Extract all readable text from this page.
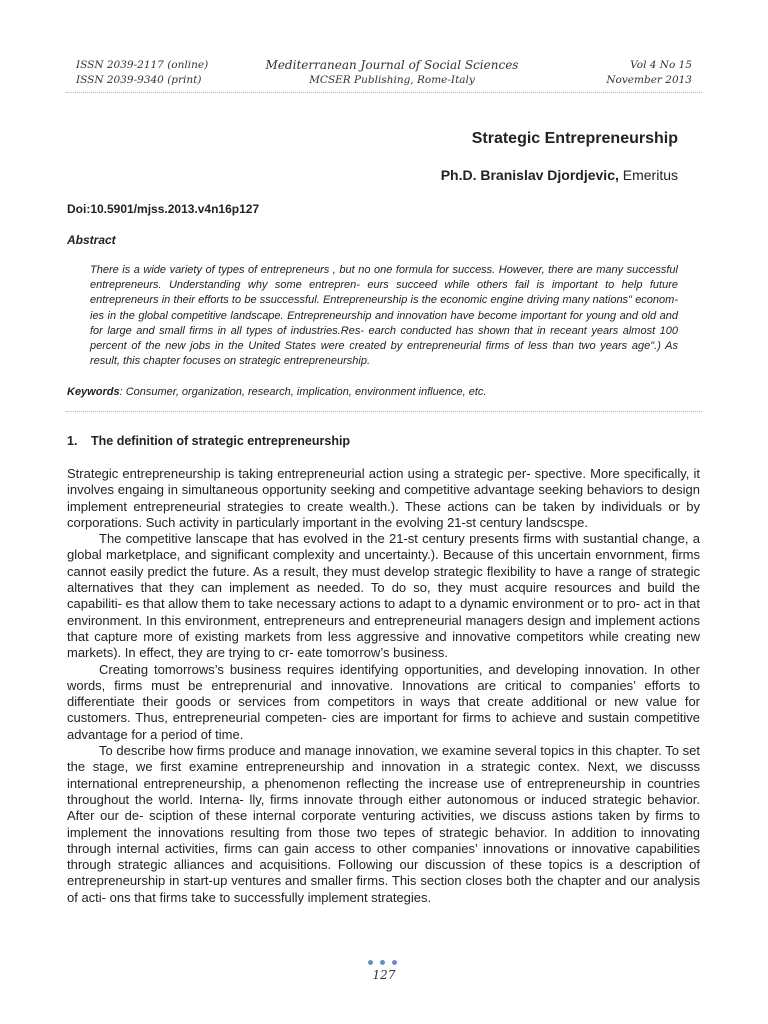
ISSN 2039-2117 (online)
ISSN 2039-9340 (print)
Mediterranean Journal of Social Sciences
MCSER Publishing, Rome-Italy
Vol 4 No 15
November 2013
Strategic Entrepreneurship
Ph.D. Branislav Djordjevic, Emeritus
Doi:10.5901/mjss.2013.v4n16p127
Abstract

There is a wide variety of types of entrepreneurs , but no one formula for success. However, there are many successful entrepreneurs. Understanding why some entrepren- eurs succeed while others fail is important to help future entrepreneurs in their efforts to be ssuccessful. Entrepreneurship is the economic engine driving many nations" econom- ies in the global competitive landscape. Entrepreneurship and innovation have become important for young and old and for large and small firms in all types of industries.Res- earch conducted has shown that in receant years almost 100 percent of the new jobs in the United States were created by entrepreneurial firms of less than two years age".) As result, this chapter focuses on strategic entrepreneurship.

Keywords: Consumer, organization, research, implication, environment influence, etc.
1. The definition of strategic entrepreneurship

Strategic entrepreneurship is taking entrepreneurial action using a strategic per- spective. More specifically, it involves engaing in simultaneous opportunity seeking and competitive advantage seeking behaviors to design implement entrepreneurial strategies to create wealth.). These actions can be taken by individuals or by corporations. Such activity in particularly important in the evolving 21-st century landscspe.

The competitive lanscape that has evolved in the 21-st century presents firms with sustantial change, a global marketplace, and significant complexity and uncertainty.). Because of this uncertain envornment, firms cannot easily predict the future. As a result, they must develop strategic flexibility to have a range of strategic alternatives that they can implement as needed. To do so, they must acquire resources and build the capabiliti- es that allow them to take necessary actions to adapt to a dynamic environment or to pro- act in that environment. In this environment, entrepreneurs and entrepreneurial managers design and implement actions that capture more of existing markets from less aggressive and innovative competitors while creating new markets). In effect, they are trying to cr- eate tomorrow’s business.

Creating tomorrows’s business requires identifying opportunities, and developing innovation. In other words, firms must be entreprenurial and innovative. Innovations are critical to companies’ efforts to differentiate their goods or services from competitors in ways that create additional or new value for customers. Thus, entrepreneurial competen- cies are important for firms to achieve and sustain competitive advantage for a period of time.

To describe how firms produce and manage innovation, we examine several topics in this chapter. To set the stage, we first examine entrepreneurship and innovation in a strategic contex. Next, we discusss international entrepreneurship, a phenomenon reflecting the increase use of entrepreneurship in countries throughout the world. Interna- lly, firms innovate through either autonomous or induced strategic behavior. After our de- sciption of these internal corporate venturing activities, we discuss astions taken by firms to implement the innovations resulting from those two tepes of strategic behavior. In addition to innovating through internal activities, firms can gain access to other companies’ innovations or innovative capabilities through strategic alliances and acquisitions. Following our discussion of these topics is a description of entrepreneurship in start-up ventures and smaller firms. This section closes both the chapter and our analysis of acti- ons that firms take to successfully implement strategies.

127
